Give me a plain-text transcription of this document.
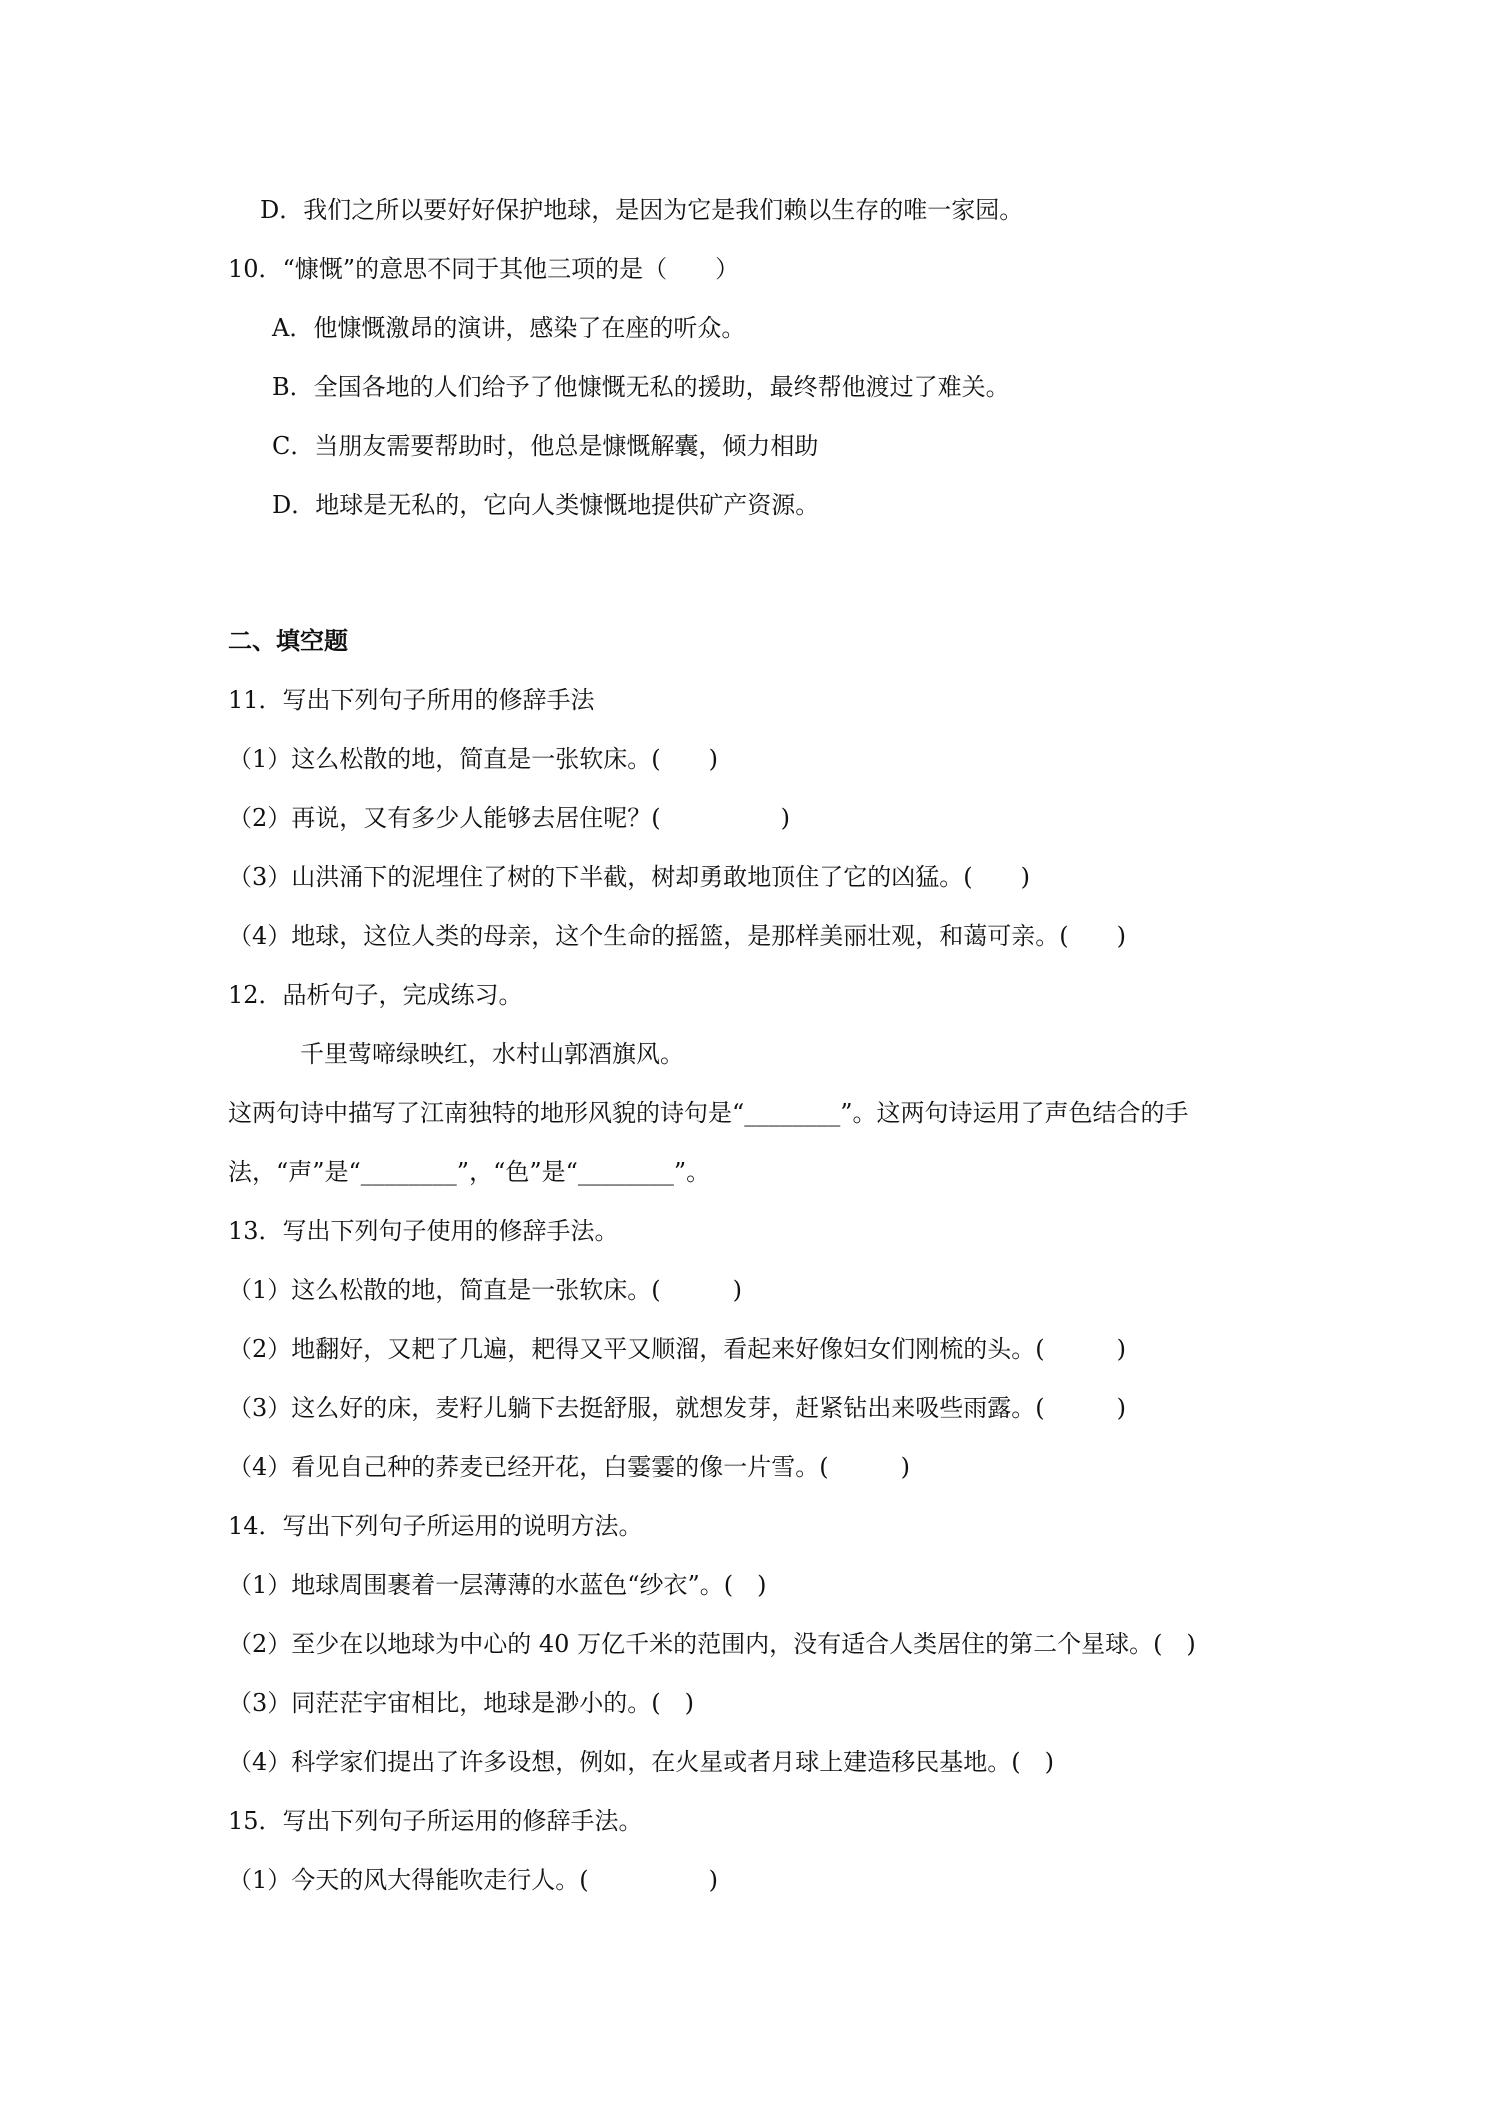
D．我们之所以要好好保护地球，是因为它是我们赖以生存的唯一家园。
10．“慷慨”的意思不同于其他三项的是（　　）
A．他慷慨激昂的演讲，感染了在座的听众。
B．全国各地的人们给予了他慷慨无私的援助，最终帮他渡过了难关。
C．当朋友需要帮助时，他总是慷慨解囊，倾力相助
D．地球是无私的，它向人类慷慨地提供矿产资源。
二、填空题
11．写出下列句子所用的修辞手法
（1）这么松散的地，简直是一张软床。(　　)
（2）再说，又有多少人能够去居住呢？(　　　　　)
（3）山洪涌下的泥埋住了树的下半截，树却勇敢地顶住了它的凶猛。(　　)
（4）地球，这位人类的母亲，这个生命的摇篮，是那样美丽壮观，和蔼可亲。(　　)
12．品析句子，完成练习。
千里莺啼绿映红，水村山郭酒旗风。
这两句诗中描写了江南独特的地形风貌的诗句是“________”。这两句诗运用了声色结合的手
法，“声”是“________”，“色”是“________”。
13．写出下列句子使用的修辞手法。
（1）这么松散的地，简直是一张软床。(　　　)
（2）地翻好，又耙了几遍，耙得又平又顺溜，看起来好像妇女们刚梳的头。(　　　)
（3）这么好的床，麦籽儿躺下去挺舒服，就想发芽，赶紧钻出来吸些雨露。(　　　)
（4）看见自己种的荞麦已经开花，白霎霎的像一片雪。(　　　)
14．写出下列句子所运用的说明方法。
（1）地球周围裹着一层薄薄的水蓝色“纱衣”。(　)
（2）至少在以地球为中心的 40 万亿千米的范围内，没有适合人类居住的第二个星球。(　)
（3）同茫茫宇宙相比，地球是渺小的。(　)
（4）科学家们提出了许多设想，例如，在火星或者月球上建造移民基地。(　)
15．写出下列句子所运用的修辞手法。
（1）今天的风大得能吹走行人。(　　　　　)
